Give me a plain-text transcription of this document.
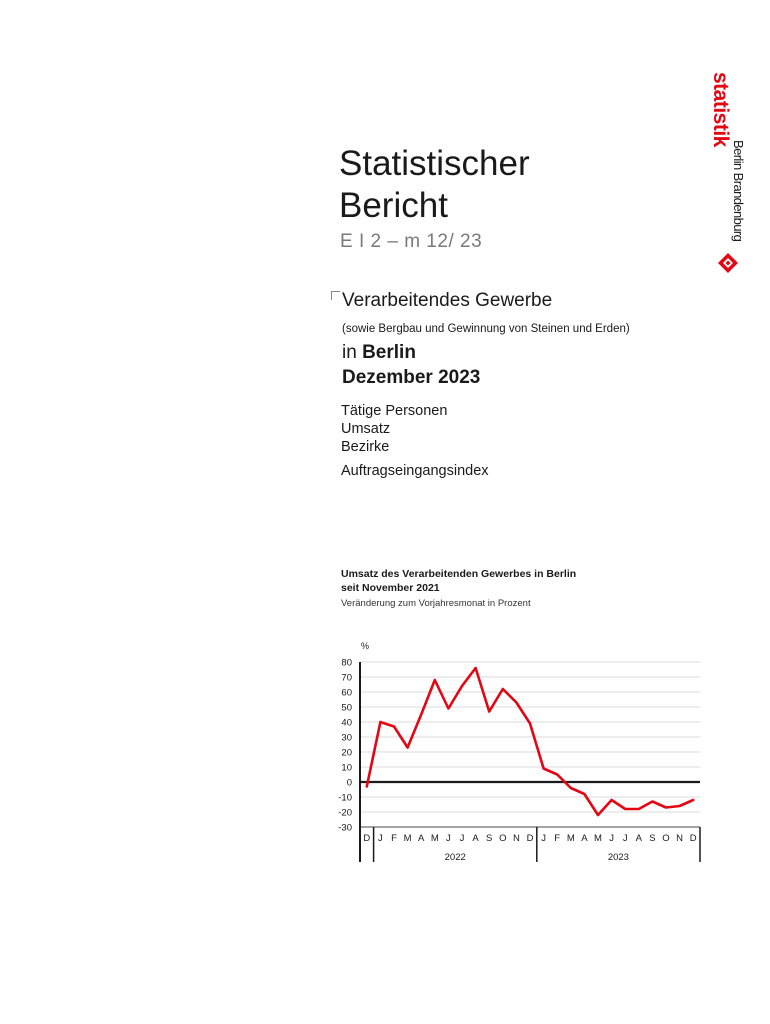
Statistischer
Bericht
E I 2 – m 12/ 23
Verarbeitendes Gewerbe
(sowie Bergbau und Gewinnung von Steinen und Erden)
in Berlin
Dezember 2023
Tätige Personen
Umsatz
Bezirke
Auftragseingangsindex
Umsatz des Verarbeitenden Gewerbes in Berlin
seit November 2021
Veränderung zum Vorjahresmonat in Prozent
statistik
Berlin Brandenburg
%
80
70
60
50
40
30
20
10
0
-10
-20
-30
D J F M A M J J A S O N D J F M A M J J A S O N D
2022	2023
